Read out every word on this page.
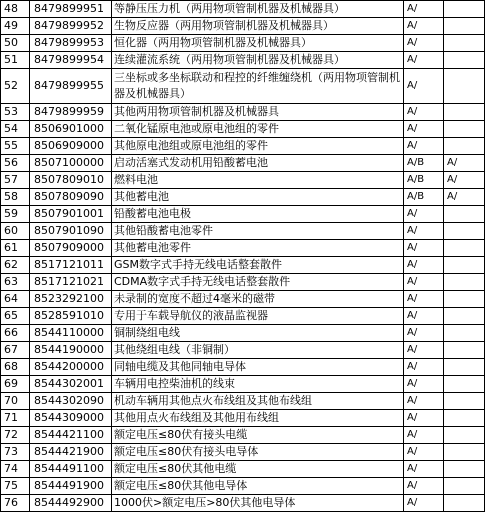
48	8479899951	等静压压力机（两用物项管制机器及机械器具）	A/	
49	8479899952	生物反应器（两用物项管制机器及机械器具）	A/	
50	8479899953	恒化器（两用物项管制机器及机械器具）	A/	
51	8479899954	连续灌流系统（两用物项管制机器及机械器具）	A/	
52	8479899955	三坐标或多坐标联动和程控的纤维缠绕机（两用物项管制机器及机械器具）	A/	
53	8479899959	其他两用物项管制机器及机械器具	A/	
54	8506901000	二氧化锰原电池或原电池组的零件	A/	
55	8506909000	其他原电池组或原电池组的零件	A/	
56	8507100000	启动活塞式发动机用铅酸蓄电池	A/B	A/
57	8507809010	燃料电池	A/B	A/
58	8507809090	其他蓄电池	A/B	A/
59	8507901001	铅酸蓄电池电极	A/	
60	8507901090	其他铅酸蓄电池零件	A/	
61	8507909000	其他蓄电池零件	A/	
62	8517121011	GSM数字式手持无线电话整套散件	A/	
63	8517121021	CDMA数字式手持无线电话整套散件	A/	
64	8523292100	未录制的宽度不超过4毫米的磁带	A/	
65	8528591010	专用于车载导航仪的液晶监视器	A/	
66	8544110000	铜制绕组电线	A/	
67	8544190000	其他绕组电线（非铜制）	A/	
68	8544200000	同轴电缆及其他同轴电导体	A/	
69	8544302001	车辆用电控柴油机的线束	A/	
70	8544302090	机动车辆用其他点火布线组及其他布线组	A/	
71	8544309000	其他用点火布线组及其他用布线组	A/	
72	8544421100	额定电压≤80伏有接头电缆	A/	
73	8544421900	额定电压≤80伏有接头电导体	A/	
74	8544491100	额定电压≤80伏其他电缆	A/	
75	8544491900	额定电压≤80伏其他电导体	A/	
76	8544492900	1000伏>额定电压>80伏其他电导体	A/	
